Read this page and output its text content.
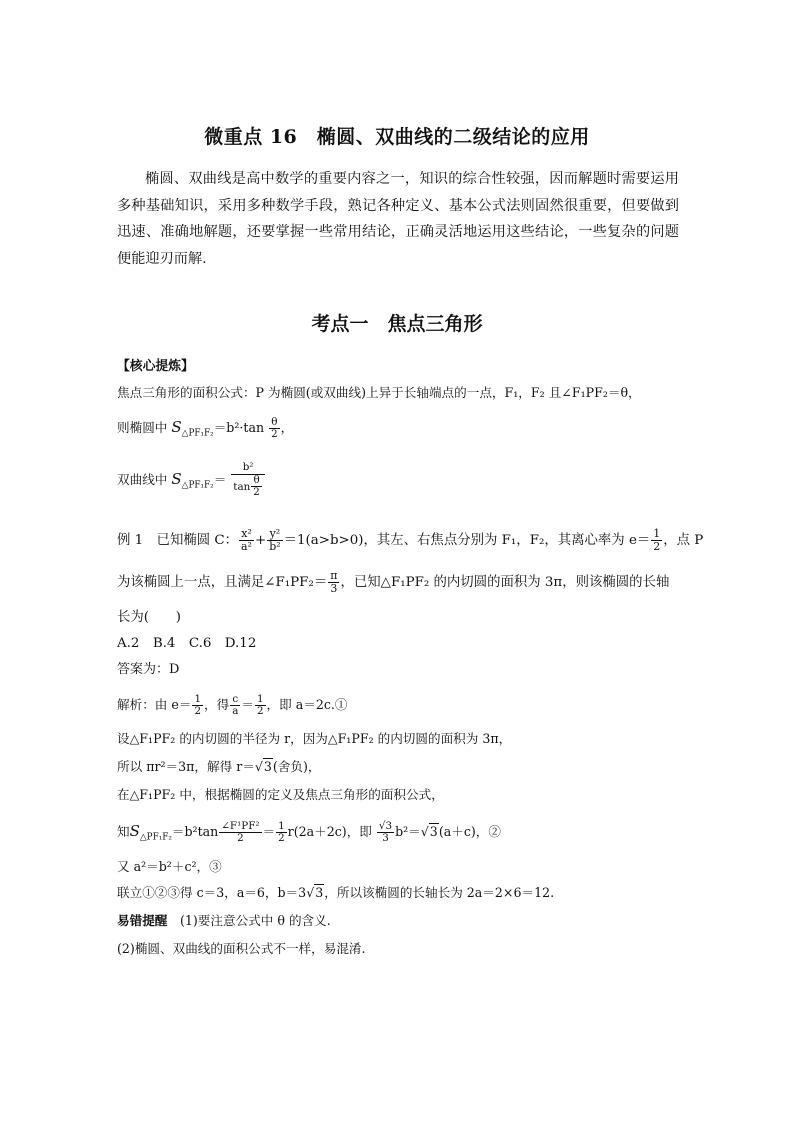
微重点 16　椭圆、双曲线的二级结论的应用
椭圆、双曲线是高中数学的重要内容之一，知识的综合性较强，因而解题时需要运用多种基础知识，采用多种数学手段，熟记各种定义、基本公式法则固然很重要，但要做到迅速、准确地解题，还要掌握一些常用结论，正确灵活地运用这些结论，一些复杂的问题便能迎刃而解.
考点一　焦点三角形
【核心提炼】
焦点三角形的面积公式：P 为椭圆(或双曲线)上异于长轴端点的一点，F₁，F₂ 且∠F₁PF₂＝θ，
则椭圆中 $S_{\triangle PF_1F_2}=b^2\cdot\tan \frac{\theta}{2}$ ，
双曲线中 $S_{\triangle PF_1F_2}= \frac{\text{b²}}{\tan \frac{\theta}{2}}$
例 1　已知椭圆 C： $\frac{\text{x²}}{\text{a²}} + \frac{\text{y²}}{\text{b²}} =1(a>b>0)$，其左、右焦点分别为 F₁，F₂，其离心率为 $e= \frac{1}{2}$ ，点 P
为该椭圆上一点，且满足∠F₁PF₂＝ $\frac{\pi}{3}$ ，已知△F₁PF₂ 的内切圆的面积为 3π，则该椭圆的长轴
长为(　　)
A.2　B.4　C.6　D.12
答案为：D
解析：由 $e= \frac{1}{2}$ ，得 $\frac{c}{a} = \frac{1}{2}$ ，即 a＝2c.①
设△F₁PF₂ 的内切圆的半径为 r，因为△F₁PF₂ 的内切圆的面积为 3π，
所以 πr²＝3π，解得 r＝√3(舍负)，
在△F₁PF₂ 中，根据椭圆的定义及焦点三角形的面积公式，
知$S_{\triangle PF_1F_2}=b^2\tan \frac{\text{∠F¹PF²}}{2} = \frac{1}{2} r(2a+2c)$，即 $\frac{√3}{3} b^2=√3(a+c)$，②
又 a²＝b²＋c²，③
联立①②③得 c＝3，a＝6，b＝3√3，所以该椭圆的长轴长为 2a＝2×6＝12.
易错提醒　(1)要注意公式中 θ 的含义.
(2)椭圆、双曲线的面积公式不一样，易混淆.
